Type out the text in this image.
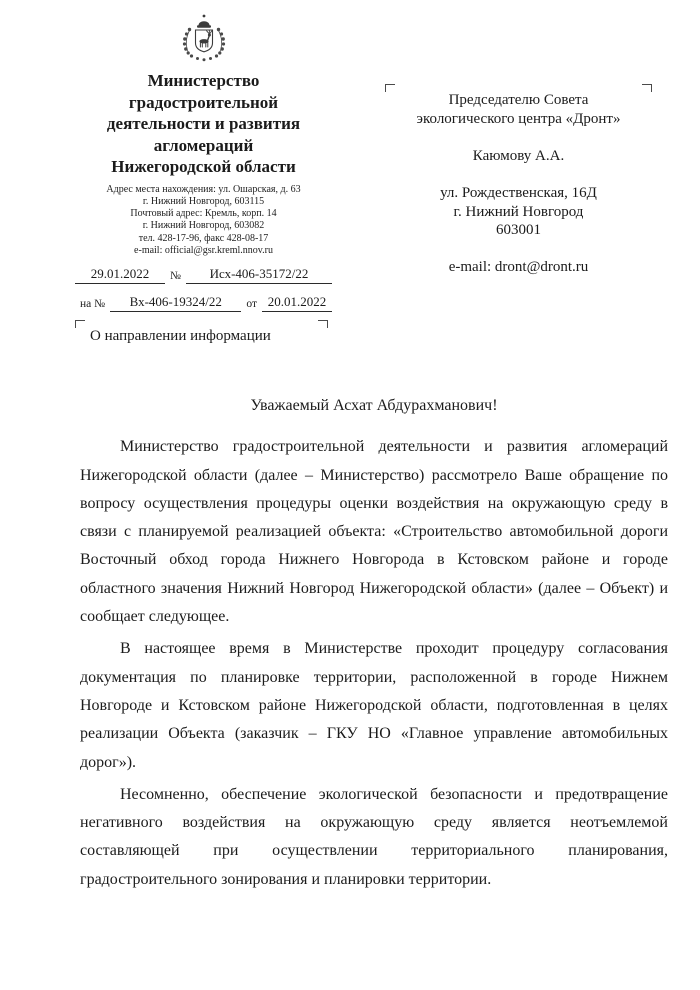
Министерство
градостроительной
деятельности и развития
агломераций
Нижегородской области
Адрес места нахождения: ул. Ошарская, д. 63
г. Нижний Новгород, 603115
Почтовый адрес: Кремль, корп. 14
г. Нижний Новгород, 603082
тел. 428-17-96, факс 428-08-17
e-mail: official@gsr.kreml.nnov.ru
29.01.2022	№	Исх-406-35172/22
на №	Вх-406-19324/22	от 20.01.2022
Председателю Совета
экологического центра «Дронт»
Каюмову А.А.
ул. Рождественская, 16Д
г. Нижний Новгород
603001
e-mail: dront@dront.ru
О направлении информации
Уважаемый Асхат Абдурахманович!

Министерство градостроительной деятельности и развития агломераций Нижегородской области (далее – Министерство) рассмотрело Ваше обращение по вопросу осуществления процедуры оценки воздействия на окружающую среду в связи с планируемой реализацией объекта: «Строительство автомобильной дороги Восточный обход города Нижнего Новгорода в Кстовском районе и городе областного значения Нижний Новгород Нижегородской области» (далее – Объект) и сообщает следующее.

В настоящее время в Министерстве проходит процедуру согласования документация по планировке территории, расположенной в городе Нижнем Новгороде и Кстовском районе Нижегородской области, подготовленная в целях реализации Объекта (заказчик – ГКУ НО «Главное управление автомобильных дорог»).

Несомненно, обеспечение экологической безопасности и предотвращение негативного воздействия на окружающую среду является неотъемлемой составляющей при осуществлении территориального планирования, градостроительного зонирования и планировки территории.
